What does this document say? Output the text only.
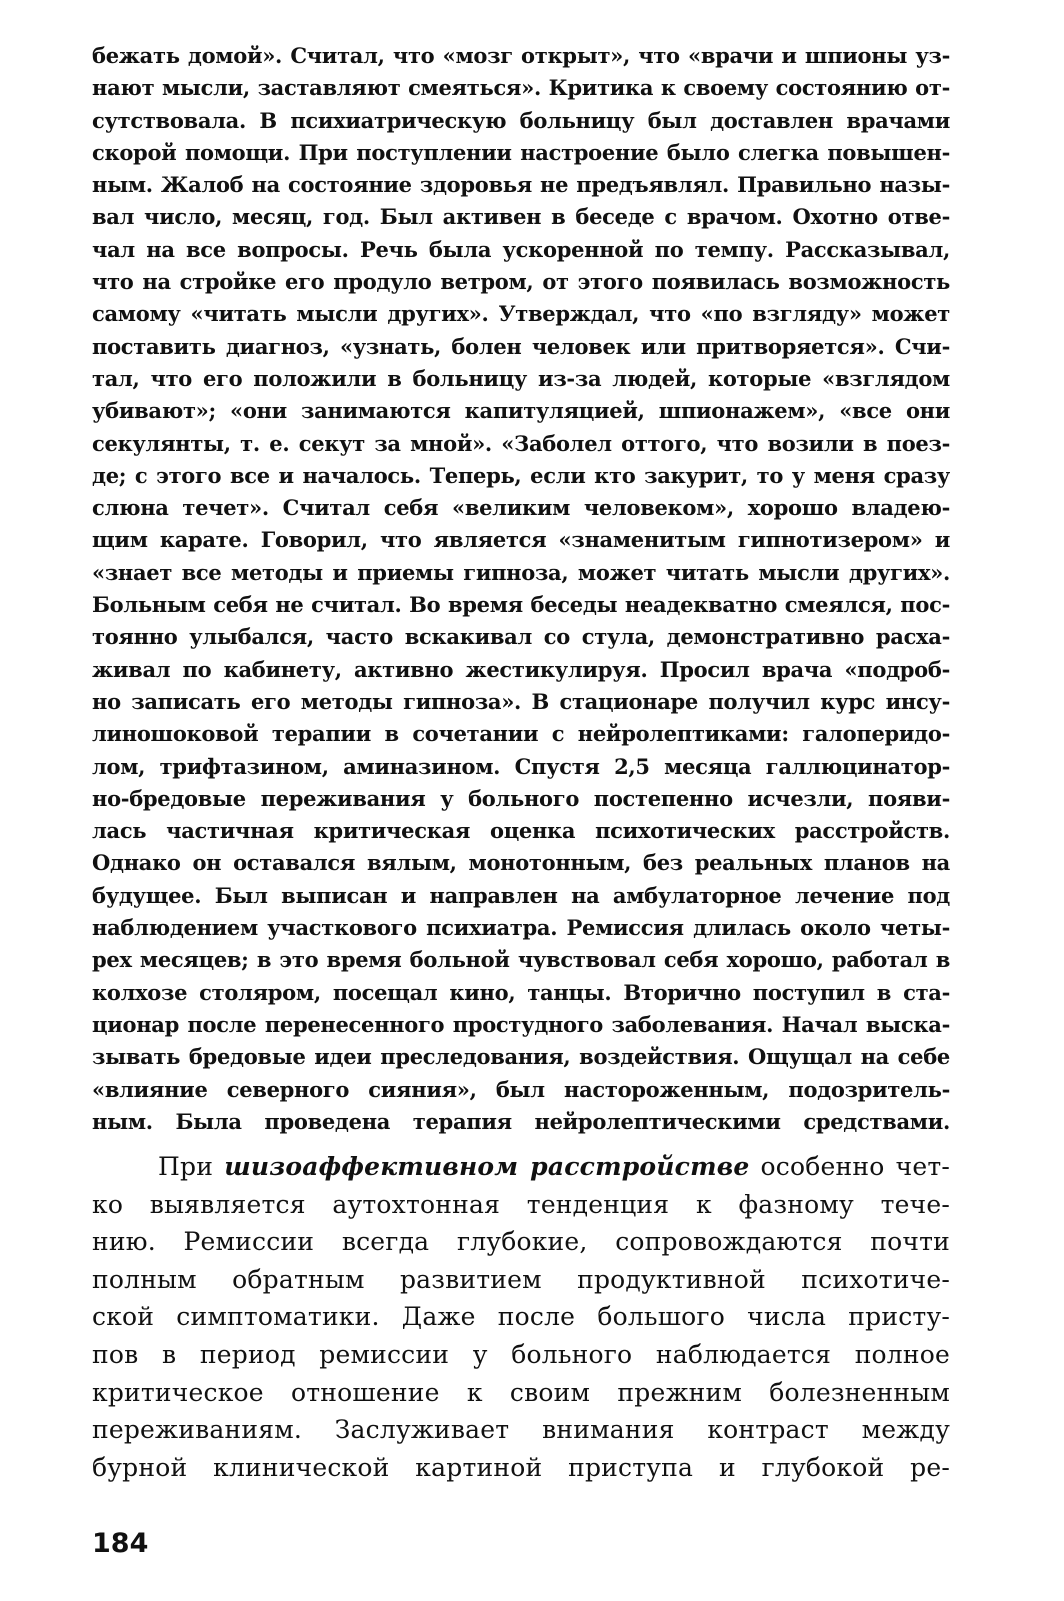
бежать домой». Считал, что «мозг открыт», что «врачи и шпионы уз-
нают мысли, заставляют смеяться». Критика к своему состоянию от-
сутствовала. В психиатрическую больницу был доставлен врачами
скорой помощи. При поступлении настроение было слегка повышен-
ным. Жалоб на состояние здоровья не предъявлял. Правильно назы-
вал число, месяц, год. Был активен в беседе с врачом. Охотно отве-
чал на все вопросы. Речь была ускоренной по темпу. Рассказывал,
что на стройке его продуло ветром, от этого появилась возможность
самому «читать мысли других». Утверждал, что «по взгляду» может
поставить диагноз, «узнать, болен человек или притворяется». Счи-
тал, что его положили в больницу из-за людей, которые «взглядом
убивают»; «они занимаются капитуляцией, шпионажем», «все они
секулянты, т. е. секут за мной». «Заболел оттого, что возили в поез-
де; с этого все и началось. Теперь, если кто закурит, то у меня сразу
слюна течет». Считал себя «великим человеком», хорошо владею-
щим карате. Говорил, что является «знаменитым гипнотизером» и
«знает все методы и приемы гипноза, может читать мысли других».
Больным себя не считал. Во время беседы неадекватно смеялся, пос-
тоянно улыбался, часто вскакивал со стула, демонстративно расха-
живал по кабинету, активно жестикулируя. Просил врача «подроб-
но записать его методы гипноза». В стационаре получил курс инсу-
линошоковой терапии в сочетании с нейролептиками: галоперидо-
лом, трифтазином, аминазином. Спустя 2,5 месяца галлюцинатор-
но-бредовые переживания у больного постепенно исчезли, появи-
лась частичная критическая оценка психотических расстройств.
Однако он оставался вялым, монотонным, без реальных планов на
будущее. Был выписан и направлен на амбулаторное лечение под
наблюдением участкового психиатра. Ремиссия длилась около четы-
рех месяцев; в это время больной чувствовал себя хорошо, работал в
колхозе столяром, посещал кино, танцы. Вторично поступил в ста-
ционар после перенесенного простудного заболевания. Начал выска-
зывать бредовые идеи преследования, воздействия. Ощущал на себе
«влияние северного сияния», был настороженным, подозритель-
ным. Была проведена терапия нейролептическими средствами.
При шизоаффективном расстройстве особенно чет-
ко выявляется аутохтонная тенденция к фазному тече-
нию. Ремиссии всегда глубокие, сопровождаются почти
полным обратным развитием продуктивной психотиче-
ской симптоматики. Даже после большого числа присту-
пов в период ремиссии у больного наблюдается полное
критическое отношение к своим прежним болезненным
переживаниям. Заслуживает внимания контраст между
бурной клинической картиной приступа и глубокой ре-
184
